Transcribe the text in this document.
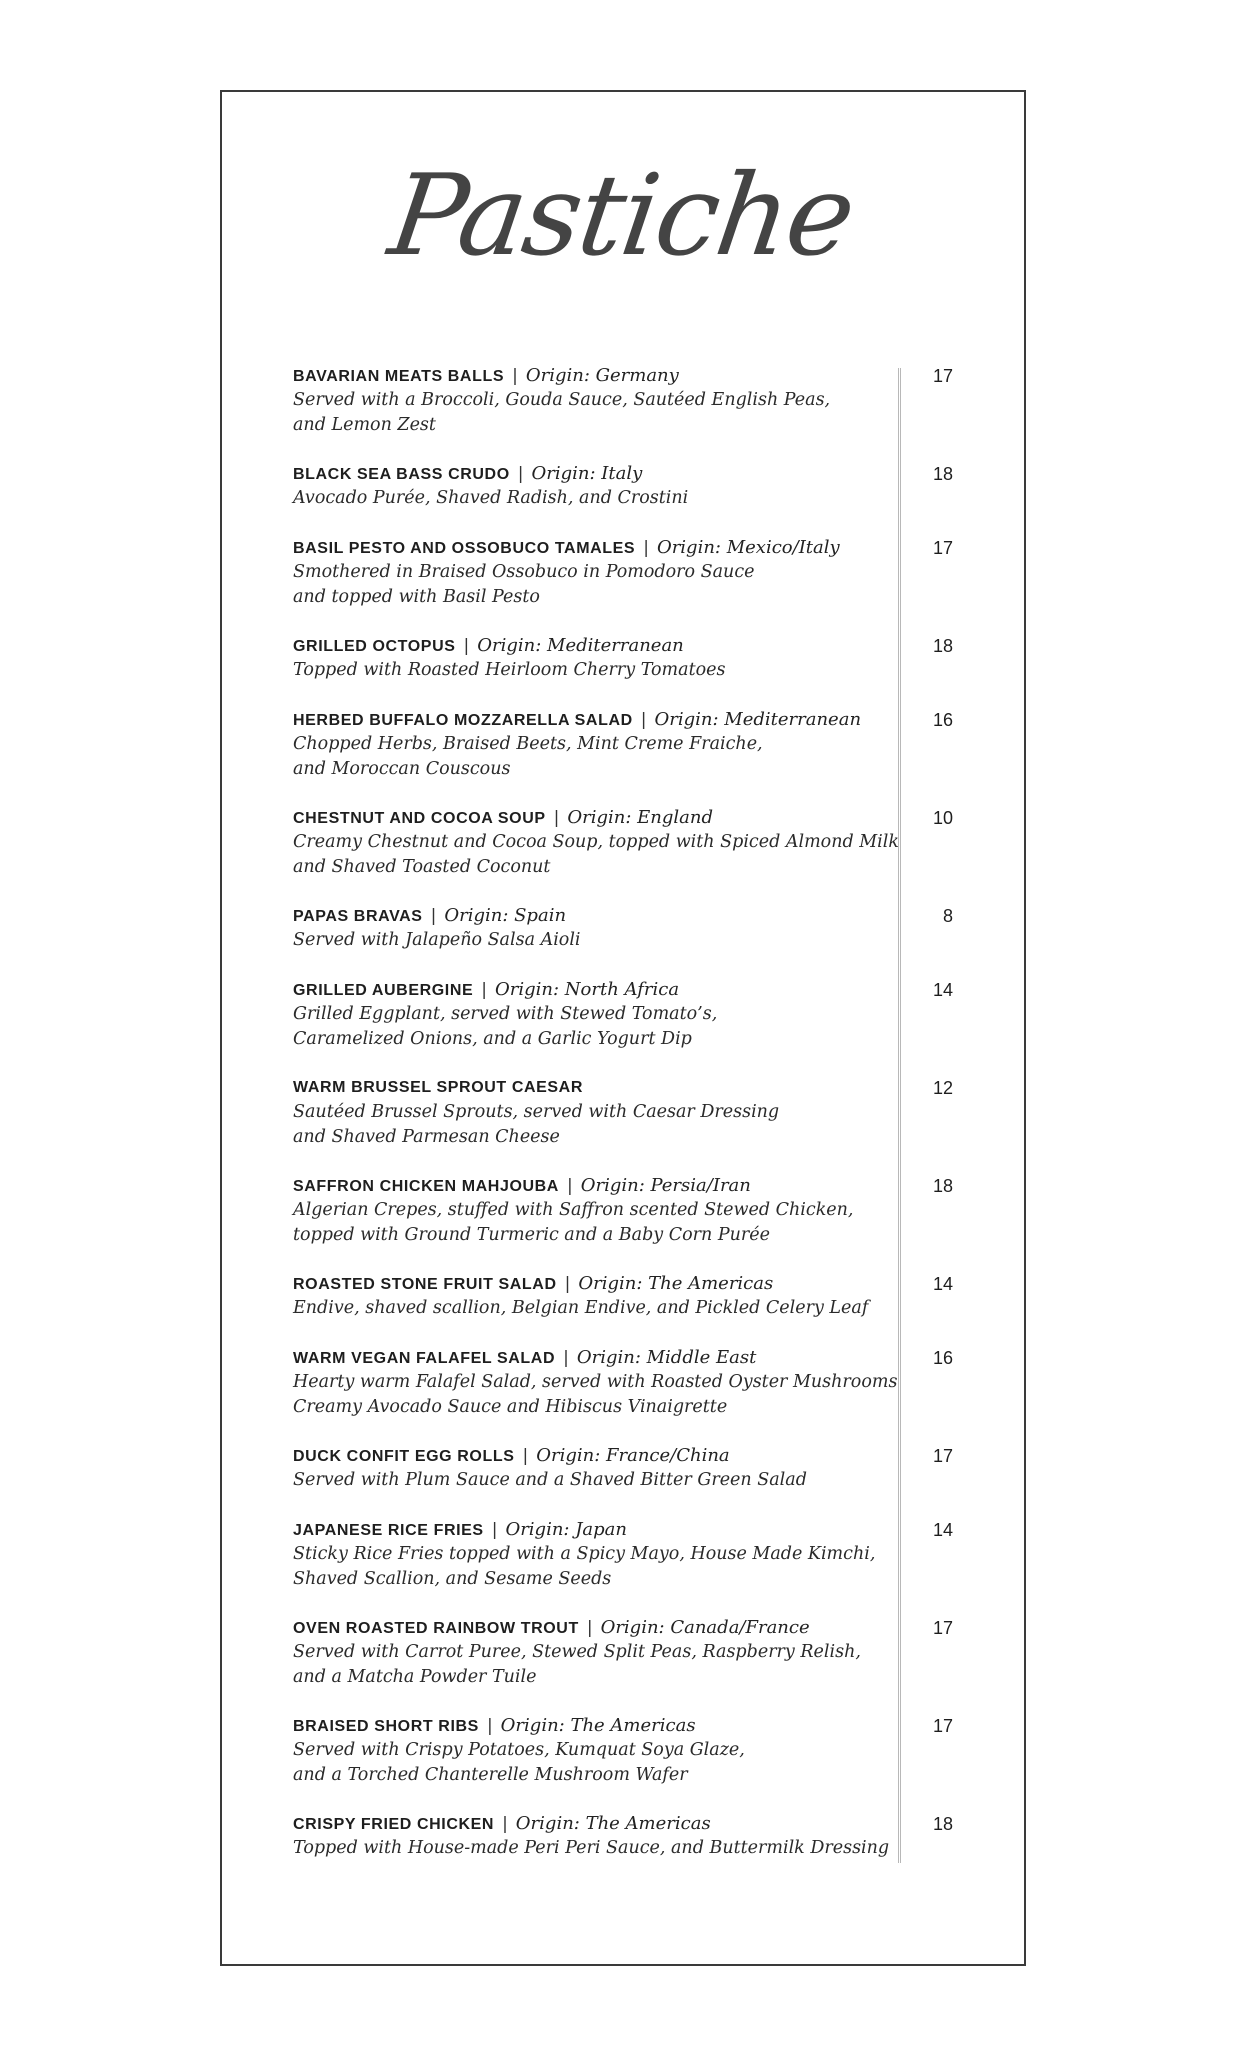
Pastiche
BAVARIAN MEATS BALLS | Origin: Germany
Served with a Broccoli, Gouda Sauce, Sautéed English Peas,
and Lemon Zest
17
BLACK SEA BASS CRUDO | Origin: Italy
Avocado Purée, Shaved Radish, and Crostini
18
BASIL PESTO AND OSSOBUCO TAMALES | Origin: Mexico/Italy
Smothered in Braised Ossobuco in Pomodoro Sauce
and topped with Basil Pesto
17
GRILLED OCTOPUS | Origin: Mediterranean
Topped with Roasted Heirloom Cherry Tomatoes
18
HERBED BUFFALO MOZZARELLA SALAD | Origin: Mediterranean
Chopped Herbs, Braised Beets, Mint Creme Fraiche,
and Moroccan Couscous
16
CHESTNUT AND COCOA SOUP | Origin: England
Creamy Chestnut and Cocoa Soup, topped with Spiced Almond Milk
and Shaved Toasted Coconut
10
PAPAS BRAVAS | Origin: Spain
Served with Jalapeño Salsa Aioli
8
GRILLED AUBERGINE | Origin: North Africa
Grilled Eggplant, served with Stewed Tomato’s,
Caramelized Onions, and a Garlic Yogurt Dip
14
WARM BRUSSEL SPROUT CAESAR
Sautéed Brussel Sprouts, served with Caesar Dressing
and Shaved Parmesan Cheese
12
SAFFRON CHICKEN MAHJOUBA | Origin: Persia/Iran
Algerian Crepes, stuffed with Saffron scented Stewed Chicken,
topped with Ground Turmeric and a Baby Corn Purée
18
ROASTED STONE FRUIT SALAD | Origin: The Americas
Endive, shaved scallion, Belgian Endive, and Pickled Celery Leaf
14
WARM VEGAN FALAFEL SALAD | Origin: Middle East
Hearty warm Falafel Salad, served with Roasted Oyster Mushrooms
Creamy Avocado Sauce and Hibiscus Vinaigrette
16
DUCK CONFIT EGG ROLLS | Origin: France/China
Served with Plum Sauce and a Shaved Bitter Green Salad
17
JAPANESE RICE FRIES | Origin: Japan
Sticky Rice Fries topped with a Spicy Mayo, House Made Kimchi,
Shaved Scallion, and Sesame Seeds
14
OVEN ROASTED RAINBOW TROUT | Origin: Canada/France
Served with Carrot Puree, Stewed Split Peas, Raspberry Relish,
and a Matcha Powder Tuile
17
BRAISED SHORT RIBS | Origin: The Americas
Served with Crispy Potatoes, Kumquat Soya Glaze,
and a Torched Chanterelle Mushroom Wafer
17
CRISPY FRIED CHICKEN | Origin: The Americas
Topped with House-made Peri Peri Sauce, and Buttermilk Dressing
18
